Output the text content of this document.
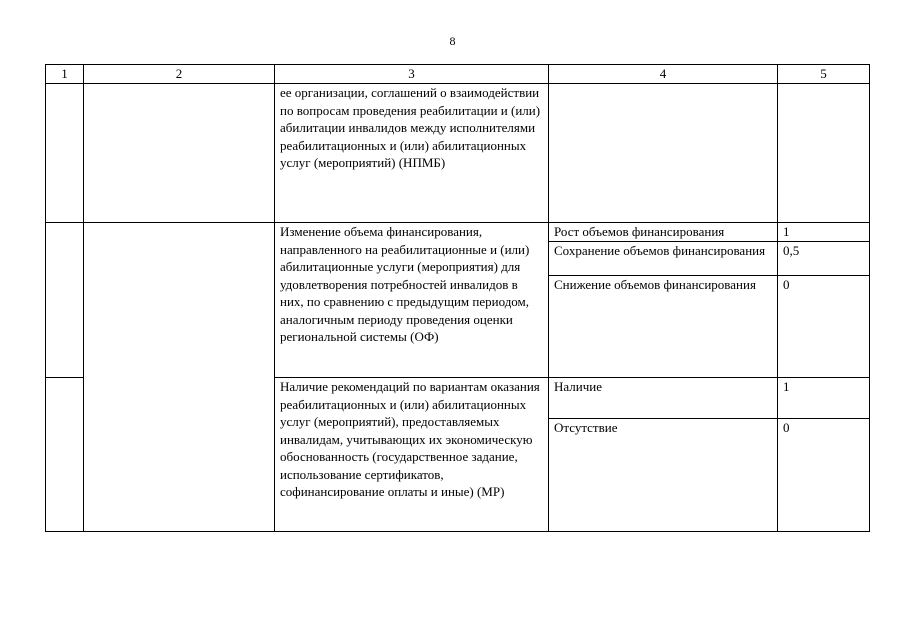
8
1	2	3	4	5
		ее организации, соглашений о взаимодействии по вопросам проведения реабилитации и (или) абилитации инвалидов между исполнителями реабилитационных и (или) абилитационных услуг (мероприятий) (НПМБ)		
		Изменение объема финансирования, направленного на реабилитационные и (или) абилитационные услуги (мероприятия) для удовлетворения потребностей инвалидов в них, по сравнению с предыдущим периодом, аналогичным периоду проведения оценки региональной системы (ОФ)	Рост объемов финансирования	1
			Сохранение объемов финансирования	0,5
			Снижение объемов финансирования	0
		Наличие рекомендаций по вариантам оказания реабилитационных и (или) абилитационных услуг (мероприятий), предоставляемых инвалидам, учитывающих их экономическую обоснованность (государственное задание, использование сертификатов, софинансирование оплаты и иные) (МР)	Наличие	1
			Отсутствие	0
